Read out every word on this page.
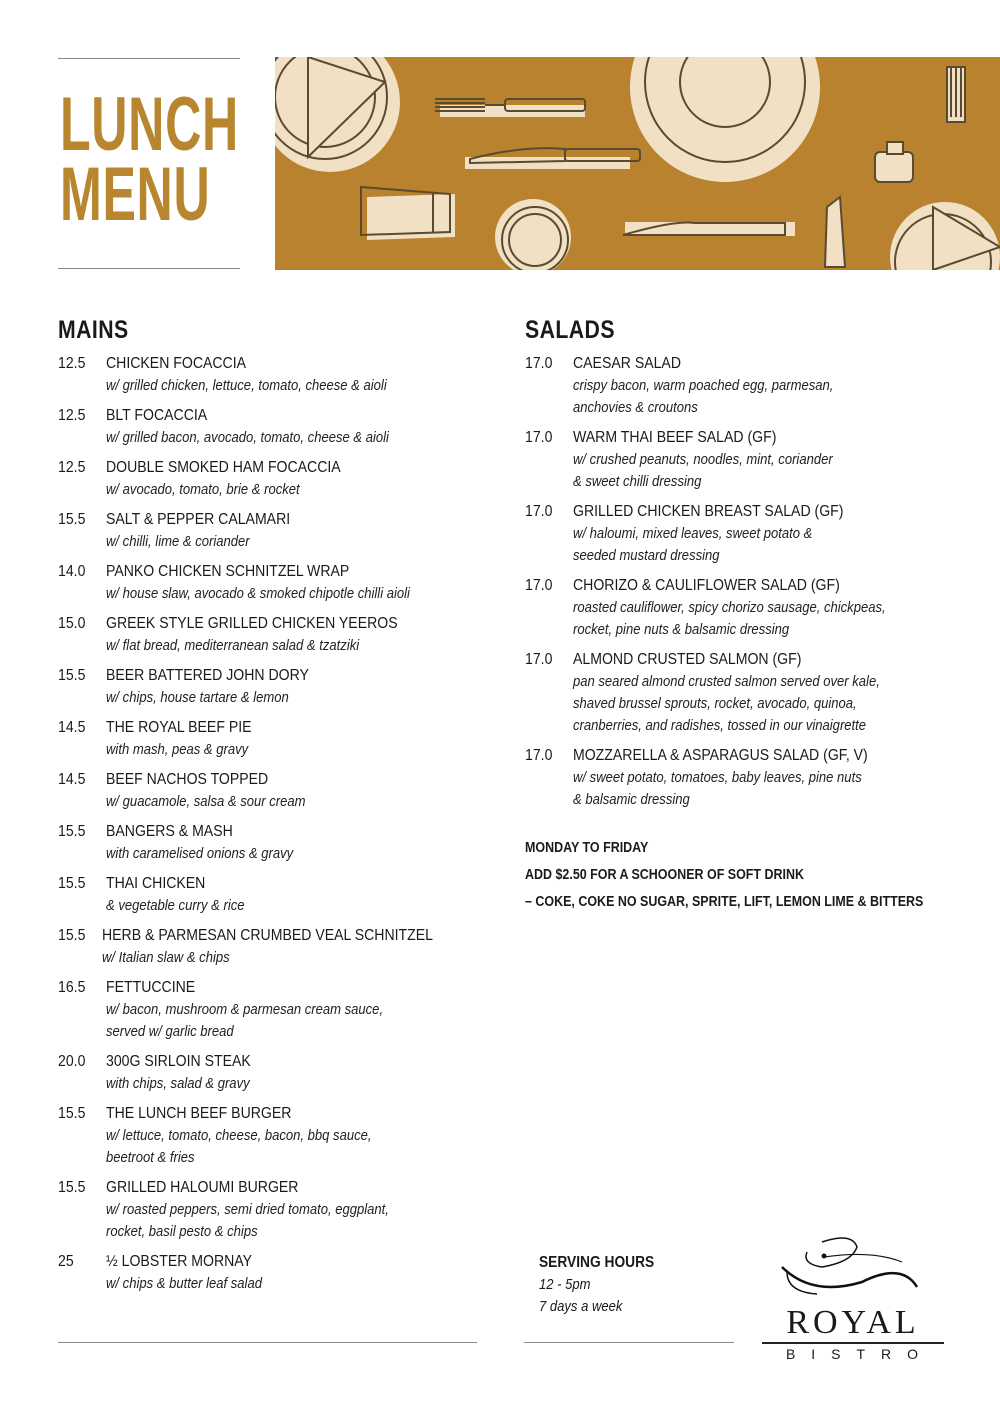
LUNCH
MENU
MAINS
12.5	CHICKEN FOCACCIA
w/ grilled chicken, lettuce, tomato, cheese & aioli
12.5	BLT FOCACCIA
w/ grilled bacon, avocado, tomato, cheese & aioli
12.5	DOUBLE SMOKED HAM FOCACCIA
w/ avocado, tomato, brie & rocket
15.5	SALT & PEPPER CALAMARI
w/ chilli, lime & coriander
14.0	PANKO CHICKEN SCHNITZEL WRAP
w/ house slaw, avocado & smoked chipotle chilli aioli
15.0	GREEK STYLE GRILLED CHICKEN YEEROS
w/ flat bread, mediterranean salad & tzatziki
15.5	BEER BATTERED JOHN DORY
w/ chips, house tartare & lemon
14.5	THE ROYAL BEEF PIE
with mash, peas & gravy
14.5	BEEF NACHOS TOPPED
w/ guacamole, salsa & sour cream
15.5	BANGERS & MASH
with caramelised onions & gravy
15.5	THAI CHICKEN
& vegetable curry & rice
15.5	HERB & PARMESAN CRUMBED VEAL SCHNITZEL
w/ Italian slaw & chips
16.5	FETTUCCINE
w/ bacon, mushroom & parmesan cream sauce,
served w/ garlic bread
20.0	300G SIRLOIN STEAK
with chips, salad & gravy
15.5	THE LUNCH BEEF BURGER
w/ lettuce, tomato, cheese, bacon, bbq sauce,
beetroot & fries
15.5	GRILLED HALOUMI BURGER
w/ roasted peppers, semi dried tomato, eggplant,
rocket, basil pesto & chips
25	½ LOBSTER MORNAY
w/ chips & butter leaf salad
SALADS
17.0	CAESAR SALAD
crispy bacon, warm poached egg, parmesan,
anchovies & croutons
17.0	WARM THAI BEEF SALAD (GF)
w/ crushed peanuts, noodles, mint, coriander
& sweet chilli dressing
17.0	GRILLED CHICKEN BREAST SALAD (GF)
w/ haloumi, mixed leaves, sweet potato &
seeded mustard dressing
17.0	CHORIZO & CAULIFLOWER SALAD (GF)
roasted cauliflower, spicy chorizo sausage, chickpeas,
rocket, pine nuts & balsamic dressing
17.0	ALMOND CRUSTED SALMON (GF)
pan seared almond crusted salmon served over kale,
shaved brussel sprouts, rocket, avocado, quinoa,
cranberries, and radishes, tossed in our vinaigrette
17.0	MOZZARELLA & ASPARAGUS SALAD (GF, V)
w/ sweet potato, tomatoes, baby leaves, pine nuts
& balsamic dressing
MONDAY TO FRIDAY
ADD $2.50 FOR A SCHOONER OF SOFT DRINK
– COKE, COKE NO SUGAR, SPRITE, LIFT, LEMON LIME & BITTERS
SERVING HOURS
12 - 5pm
7 days a week	ROYAL
BISTRO
